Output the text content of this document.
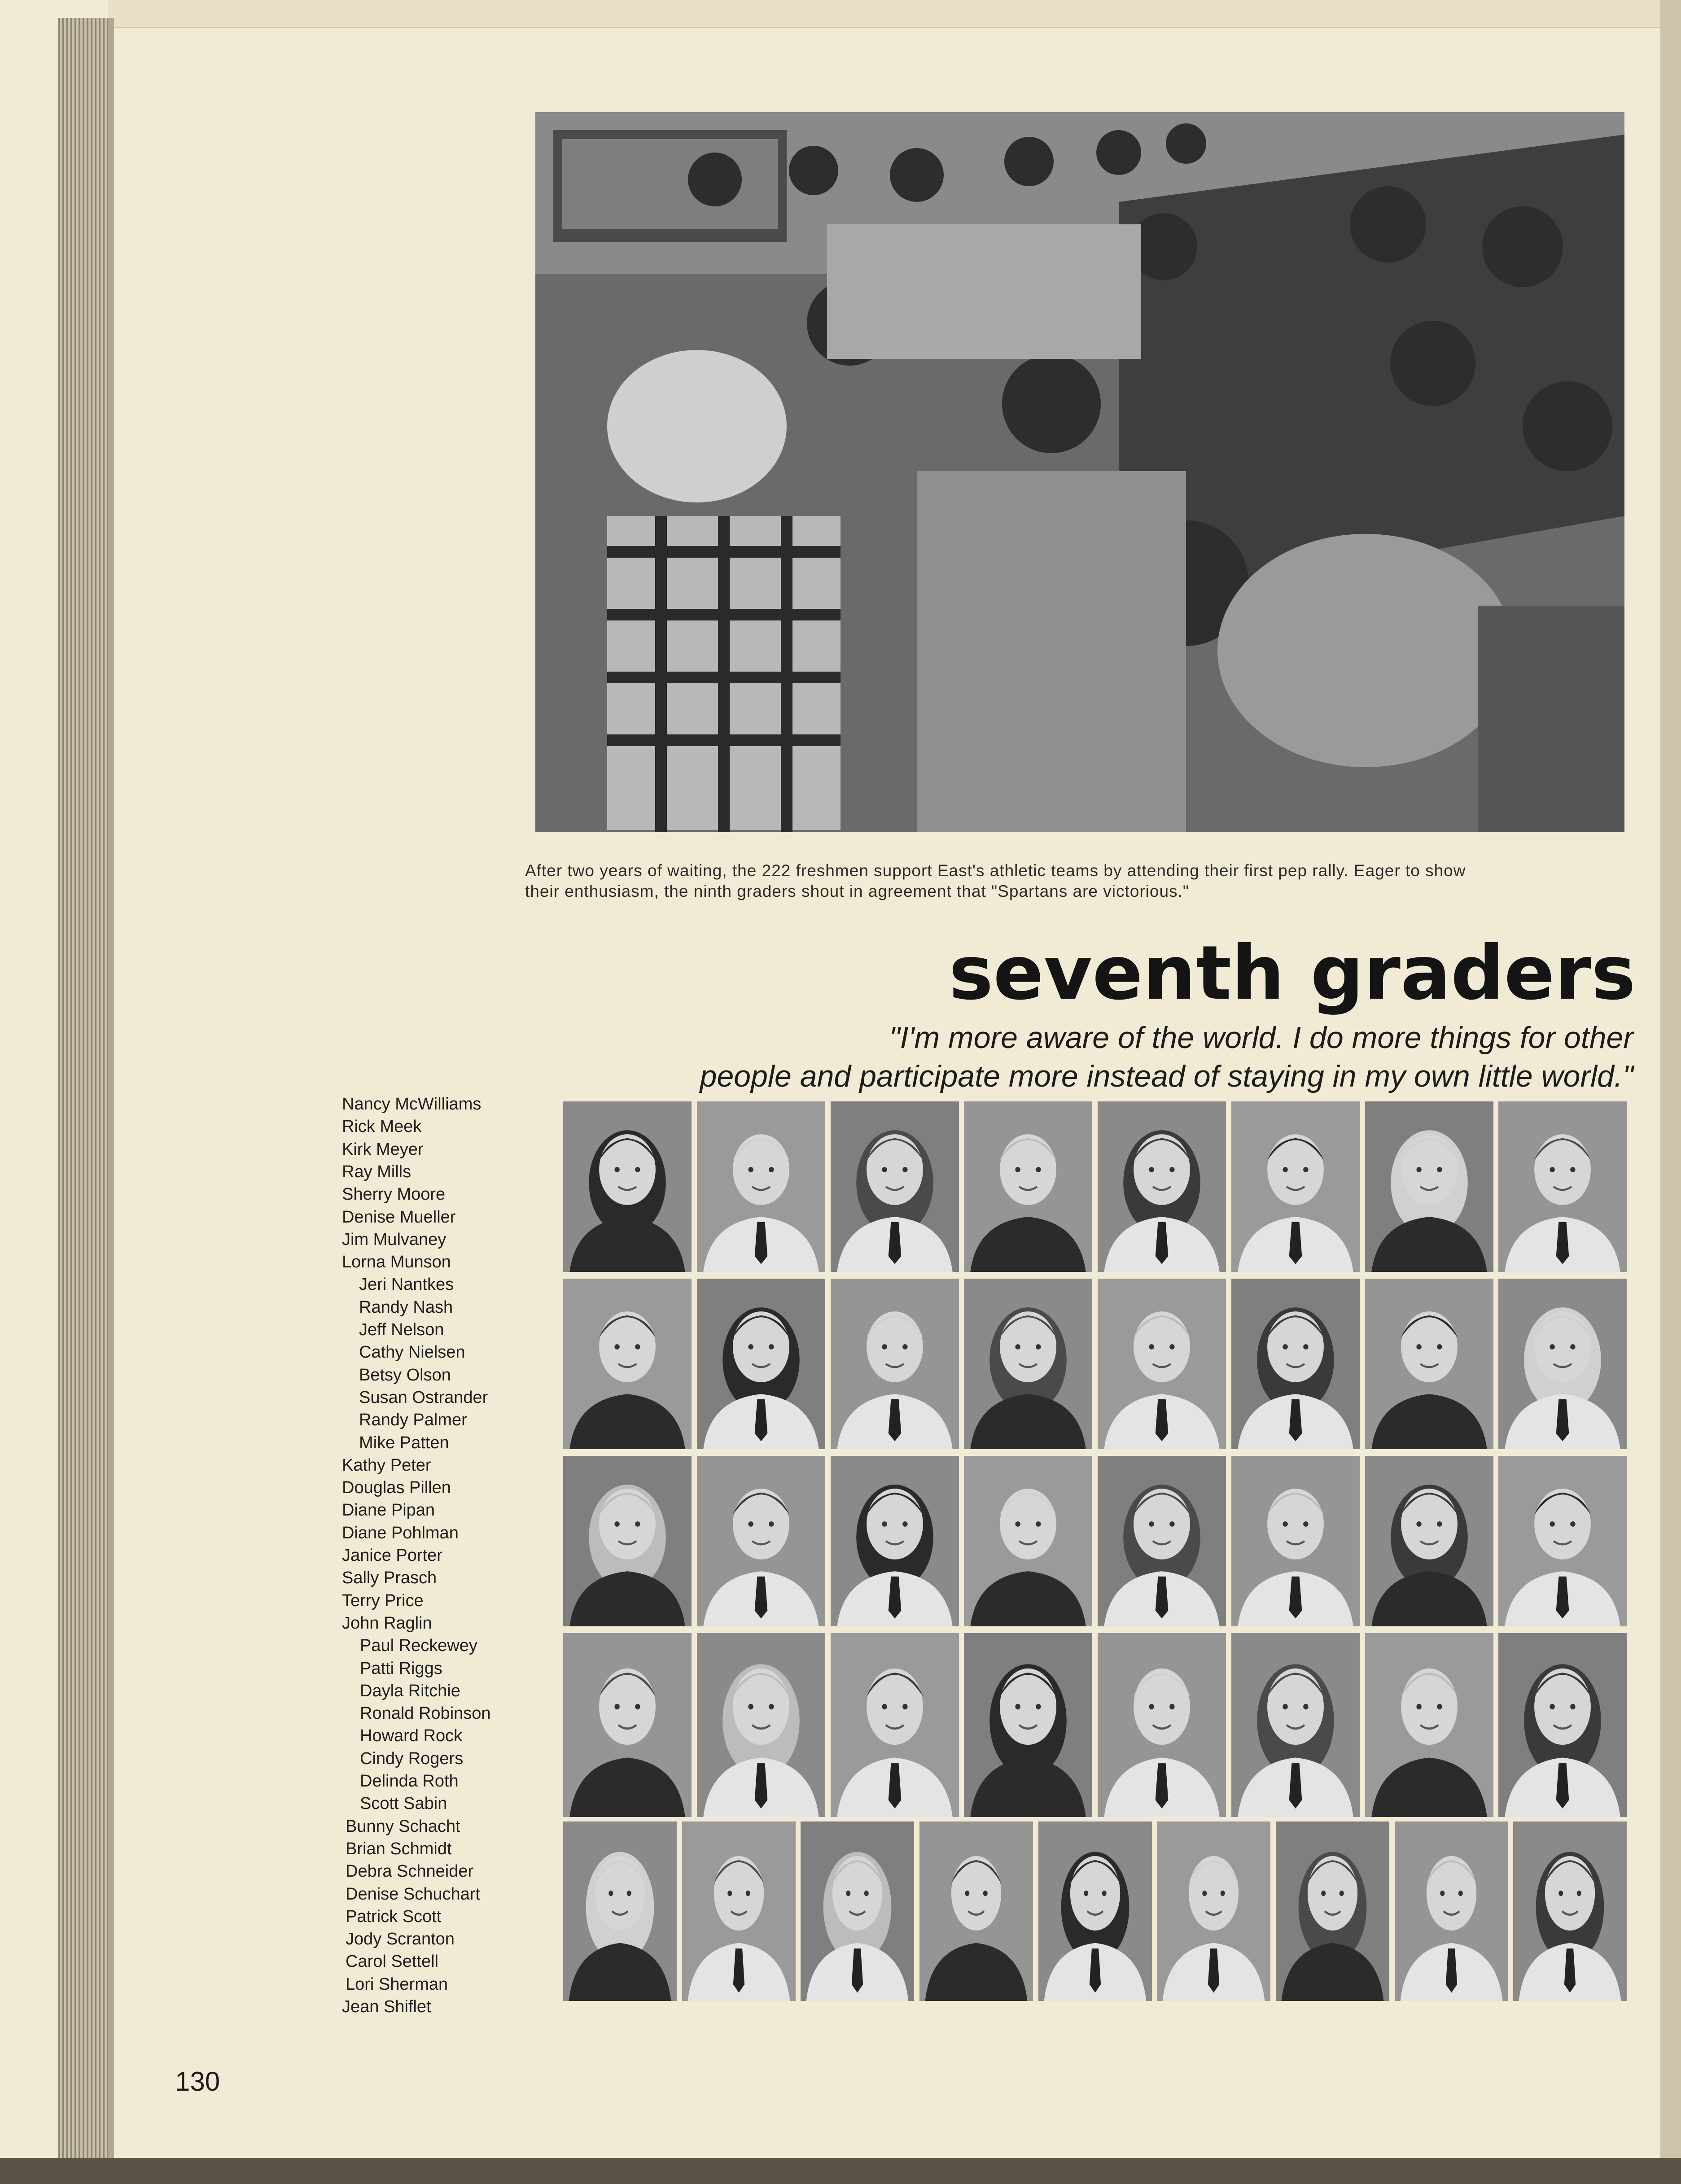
After two years of waiting, the 222 freshmen support East's athletic teams by attending their first pep rally. Eager to show
their enthusiasm, the ninth graders shout in agreement that "Spartans are victorious."
seventh graders
"I'm more aware of the world. I do more things for other
people and participate more instead of staying in my own little world."
Nancy McWilliams
Rick Meek
Kirk Meyer
Ray Mills
Sherry Moore
Denise Mueller
Jim Mulvaney
Lorna Munson
Jeri Nantkes
Randy Nash
Jeff Nelson
Cathy Nielsen
Betsy Olson
Susan Ostrander
Randy Palmer
Mike Patten
Kathy Peter
Douglas Pillen
Diane Pipan
Diane Pohlman
Janice Porter
Sally Prasch
Terry Price
John Raglin
Paul Reckewey
Patti Riggs
Dayla Ritchie
Ronald Robinson
Howard Rock
Cindy Rogers
Delinda Roth
Scott Sabin
Bunny Schacht
Brian Schmidt
Debra Schneider
Denise Schuchart
Patrick Scott
Jody Scranton
Carol Settell
Lori Sherman
Jean Shiflet
130
